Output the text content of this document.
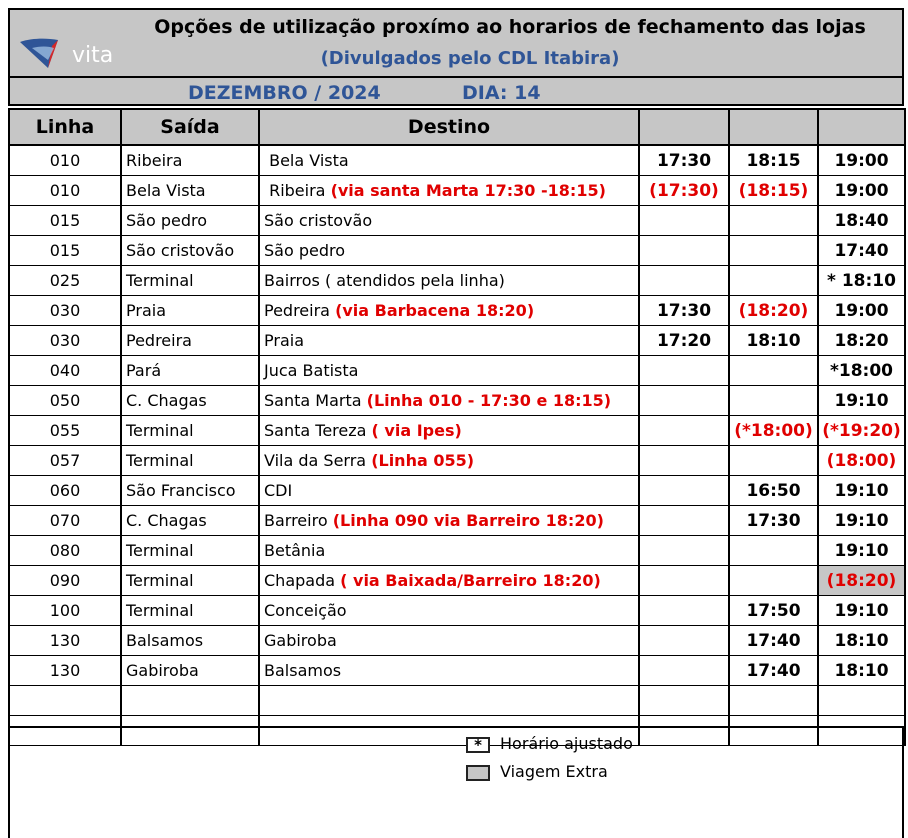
vita
Opções de utilização proxímo ao horarios de fechamento das lojas
(Divulgados pelo CDL Itabira)
DEZEMBRO / 2024	DIA: 14
Linha	Saída	Destino			
010	Ribeira	Bela Vista	17:30	18:15	19:00
010	Bela Vista	Ribeira (via santa Marta 17:30 -18:15)	(17:30)	(18:15)	19:00
015	São pedro	São cristovão			18:40
015	São cristovão	São pedro			17:40
025	Terminal	Bairros ( atendidos pela linha)			* 18:10
030	Praia	Pedreira (via Barbacena 18:20)	17:30	(18:20)	19:00
030	Pedreira	Praia	17:20	18:10	18:20
040	Pará	Juca Batista			*18:00
050	C. Chagas	Santa Marta (Linha 010 - 17:30 e 18:15)			19:10
055	Terminal	Santa Tereza ( via Ipes)		(*18:00)	(*19:20)
057	Terminal	Vila da Serra (Linha 055)			(18:00)
060	São Francisco	CDI		16:50	19:10
070	C. Chagas	Barreiro (Linha 090 via Barreiro 18:20)		17:30	19:10
080	Terminal	Betânia			19:10
090	Terminal	Chapada ( via Baixada/Barreiro 18:20)			(18:20)
100	Terminal	Conceição		17:50	19:10
130	Balsamos	Gabiroba		17:40	18:10
130	Gabiroba	Balsamos		17:40	18:10

* Horário ajustado
Viagem Extra
